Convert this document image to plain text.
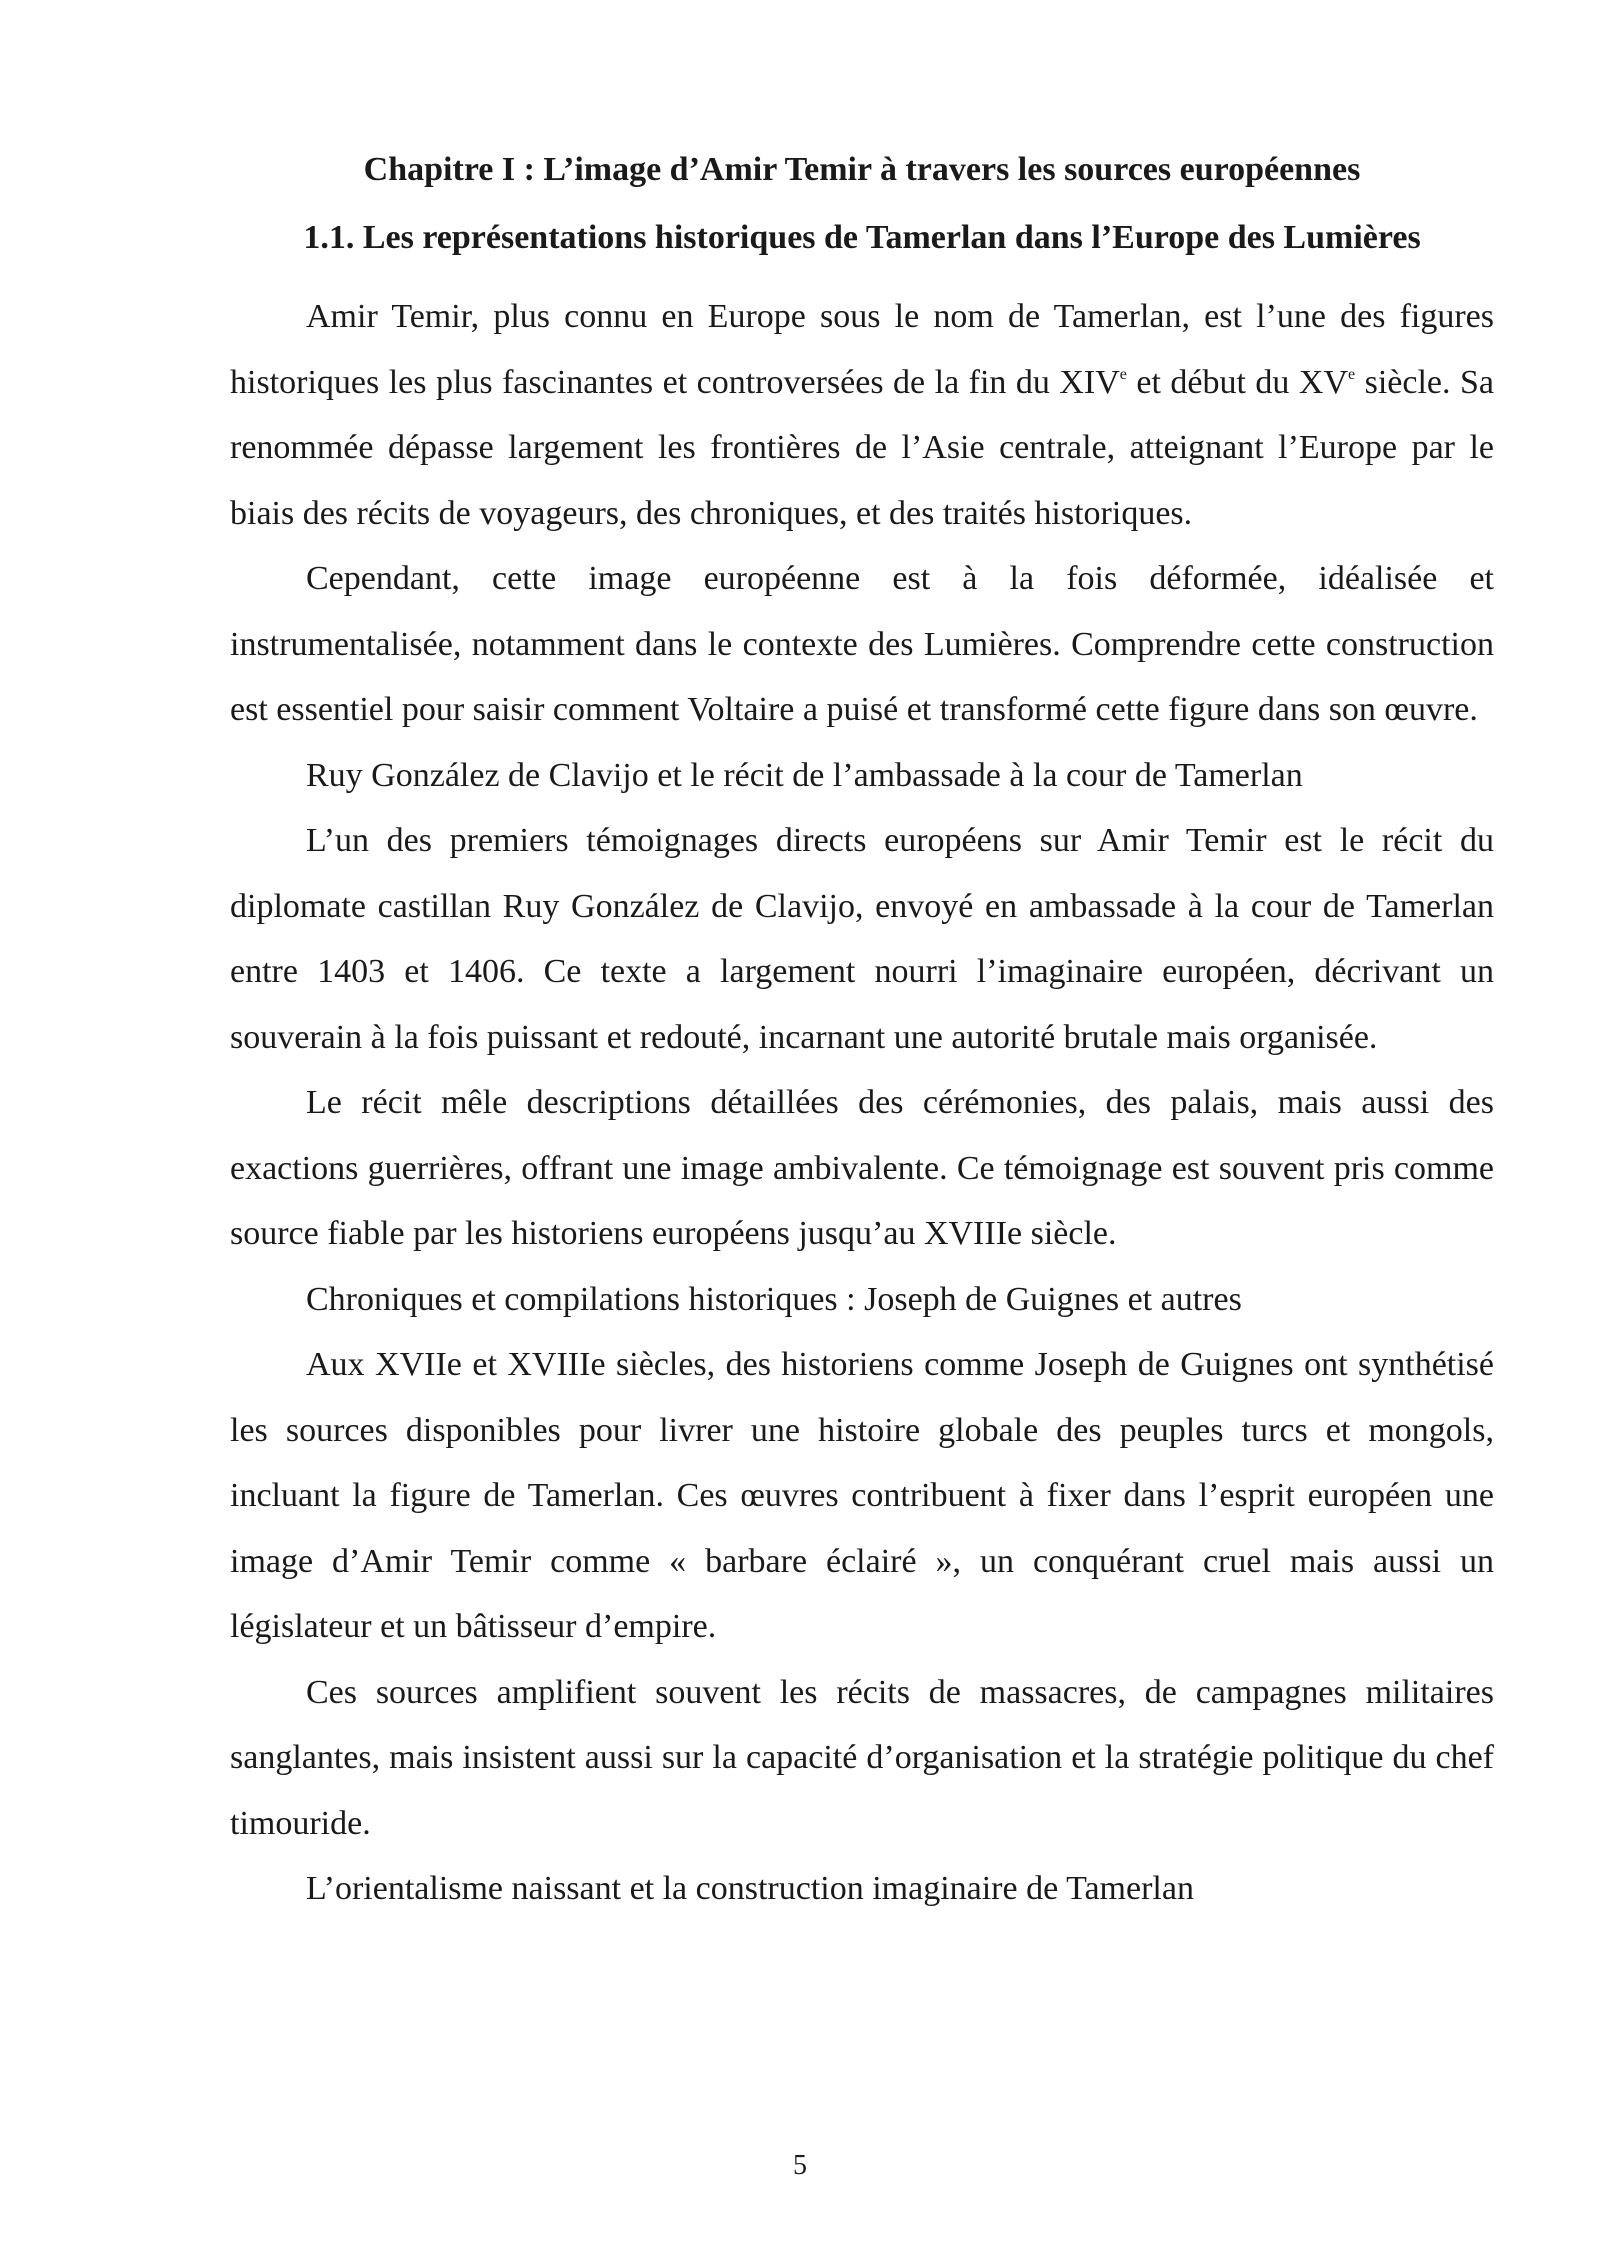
Chapitre I : L’image d’Amir Temir à travers les sources européennes
1.1. Les représentations historiques de Tamerlan dans l’Europe des Lumières

Amir Temir, plus connu en Europe sous le nom de Tamerlan, est l’une des figures historiques les plus fascinantes et controversées de la fin du XIVe et début du XVe siècle. Sa renommée dépasse largement les frontières de l’Asie centrale, atteignant l’Europe par le biais des récits de voyageurs, des chroniques, et des traités historiques.

Cependant, cette image européenne est à la fois déformée, idéalisée et instrumentalisée, notamment dans le contexte des Lumières. Comprendre cette construction est essentiel pour saisir comment Voltaire a puisé et transformé cette figure dans son œuvre.

Ruy González de Clavijo et le récit de l’ambassade à la cour de Tamerlan

L’un des premiers témoignages directs européens sur Amir Temir est le récit du diplomate castillan Ruy González de Clavijo, envoyé en ambassade à la cour de Tamerlan entre 1403 et 1406. Ce texte a largement nourri l’imaginaire européen, décrivant un souverain à la fois puissant et redouté, incarnant une autorité brutale mais organisée.

Le récit mêle descriptions détaillées des cérémonies, des palais, mais aussi des exactions guerrières, offrant une image ambivalente. Ce témoignage est souvent pris comme source fiable par les historiens européens jusqu’au XVIIIe siècle.

Chroniques et compilations historiques : Joseph de Guignes et autres

Aux XVIIe et XVIIIe siècles, des historiens comme Joseph de Guignes ont synthétisé les sources disponibles pour livrer une histoire globale des peuples turcs et mongols, incluant la figure de Tamerlan. Ces œuvres contribuent à fixer dans l’esprit européen une image d’Amir Temir comme « barbare éclairé », un conquérant cruel mais aussi un législateur et un bâtisseur d’empire.

Ces sources amplifient souvent les récits de massacres, de campagnes militaires sanglantes, mais insistent aussi sur la capacité d’organisation et la stratégie politique du chef timouride.

L’orientalisme naissant et la construction imaginaire de Tamerlan

5
